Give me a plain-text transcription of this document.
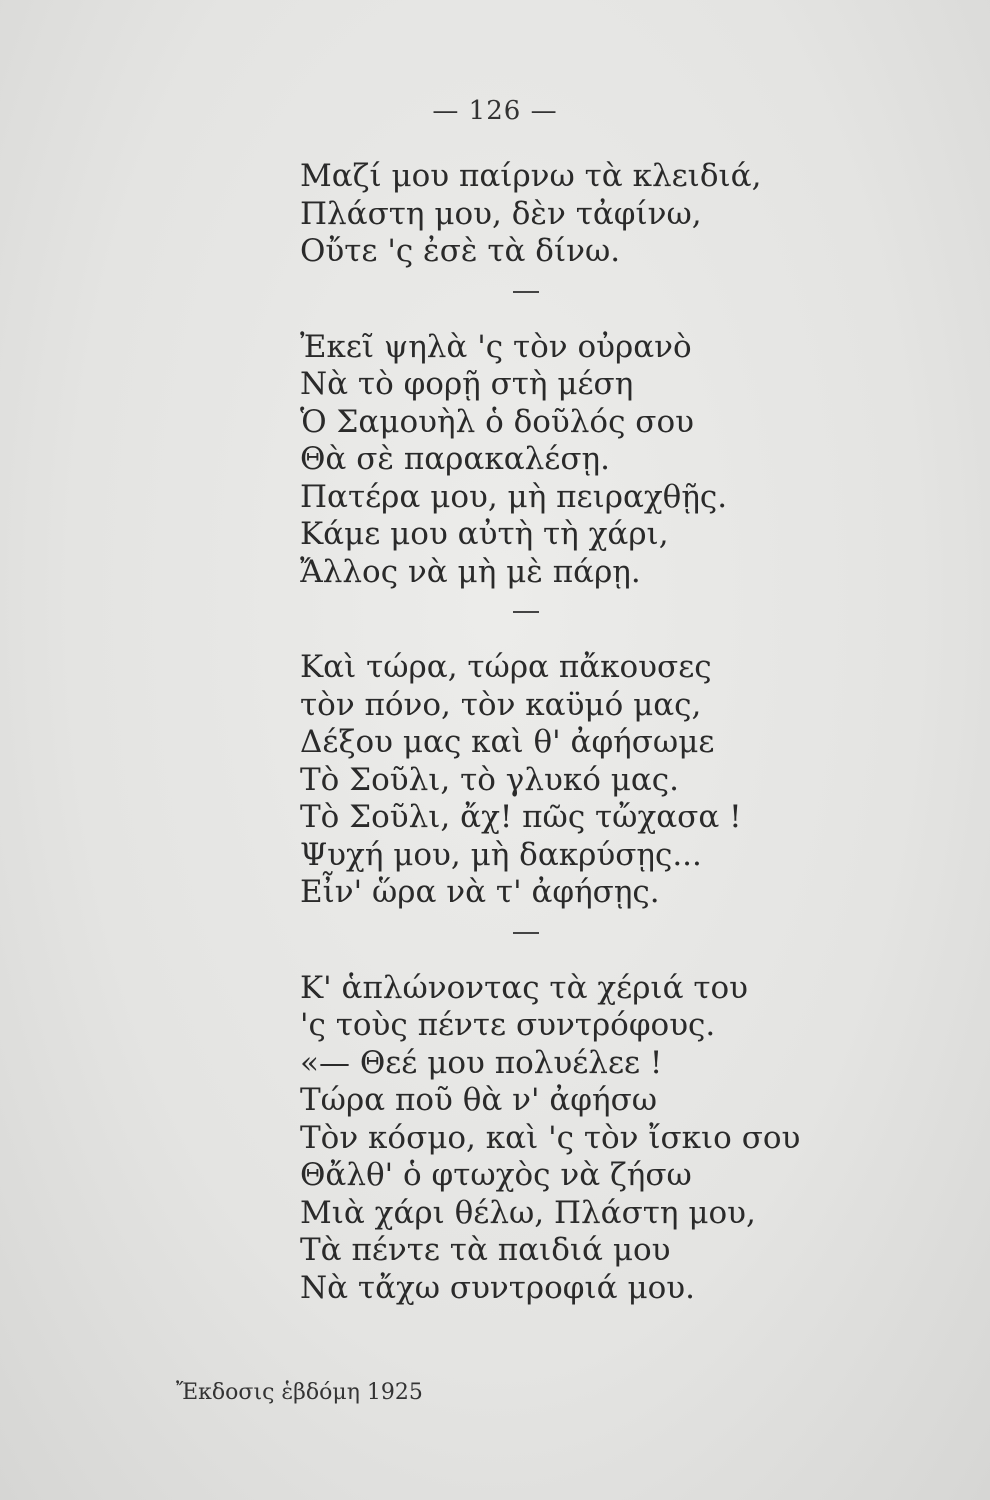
— 126 —
Μαζί μου παίρνω τὰ κλειδιά,
Πλάστη μου, δὲν τἀφίνω,
Οὔτε 'ς ἐσὲ τὰ δίνω.
Ἐκεῖ ψηλὰ 'ς τὸν οὐρανὸ
Νὰ τὸ φορῇ στὴ μέση
Ὁ Σαμουὴλ ὁ δοῦλός σου
Θὰ σὲ παρακαλέσῃ.
Πατέρα μου, μὴ πειραχθῇς.
Κάμε μου αὐτὴ τὴ χάρι,
Ἄλλος νὰ μὴ μὲ πάρῃ.
Καὶ τώρα, τώρα πἄκουσες
τὸν πόνο, τὸν καϋμό μας,
Δέξου μας καὶ θ' ἀφήσωμε
Τὸ Σοῦλι, τὸ γλυκό μας.
Τὸ Σοῦλι, ἄχ! πῶς τὤχασα !
Ψυχή μου, μὴ δακρύσῃς...
Εἶν' ὥρα νὰ τ' ἀφήσῃς.
Κ' ἁπλώνοντας τὰ χέριά του
'ς τοὺς πέντε συντρόφους.
«— Θεέ μου πολυέλεε !
Τώρα ποῦ θὰ ν' ἀφήσω
Τὸν κόσμο, καὶ 'ς τὸν ἴσκιο σου
Θἄλθ' ὁ φτωχὸς νὰ ζήσω
Μιὰ χάρι θέλω, Πλάστη μου,
Τὰ πέντε τὰ παιδιά μου
Νὰ τἄχω συντροφιά μου.
Ἔκδοσις ἑβδόμη 1925
